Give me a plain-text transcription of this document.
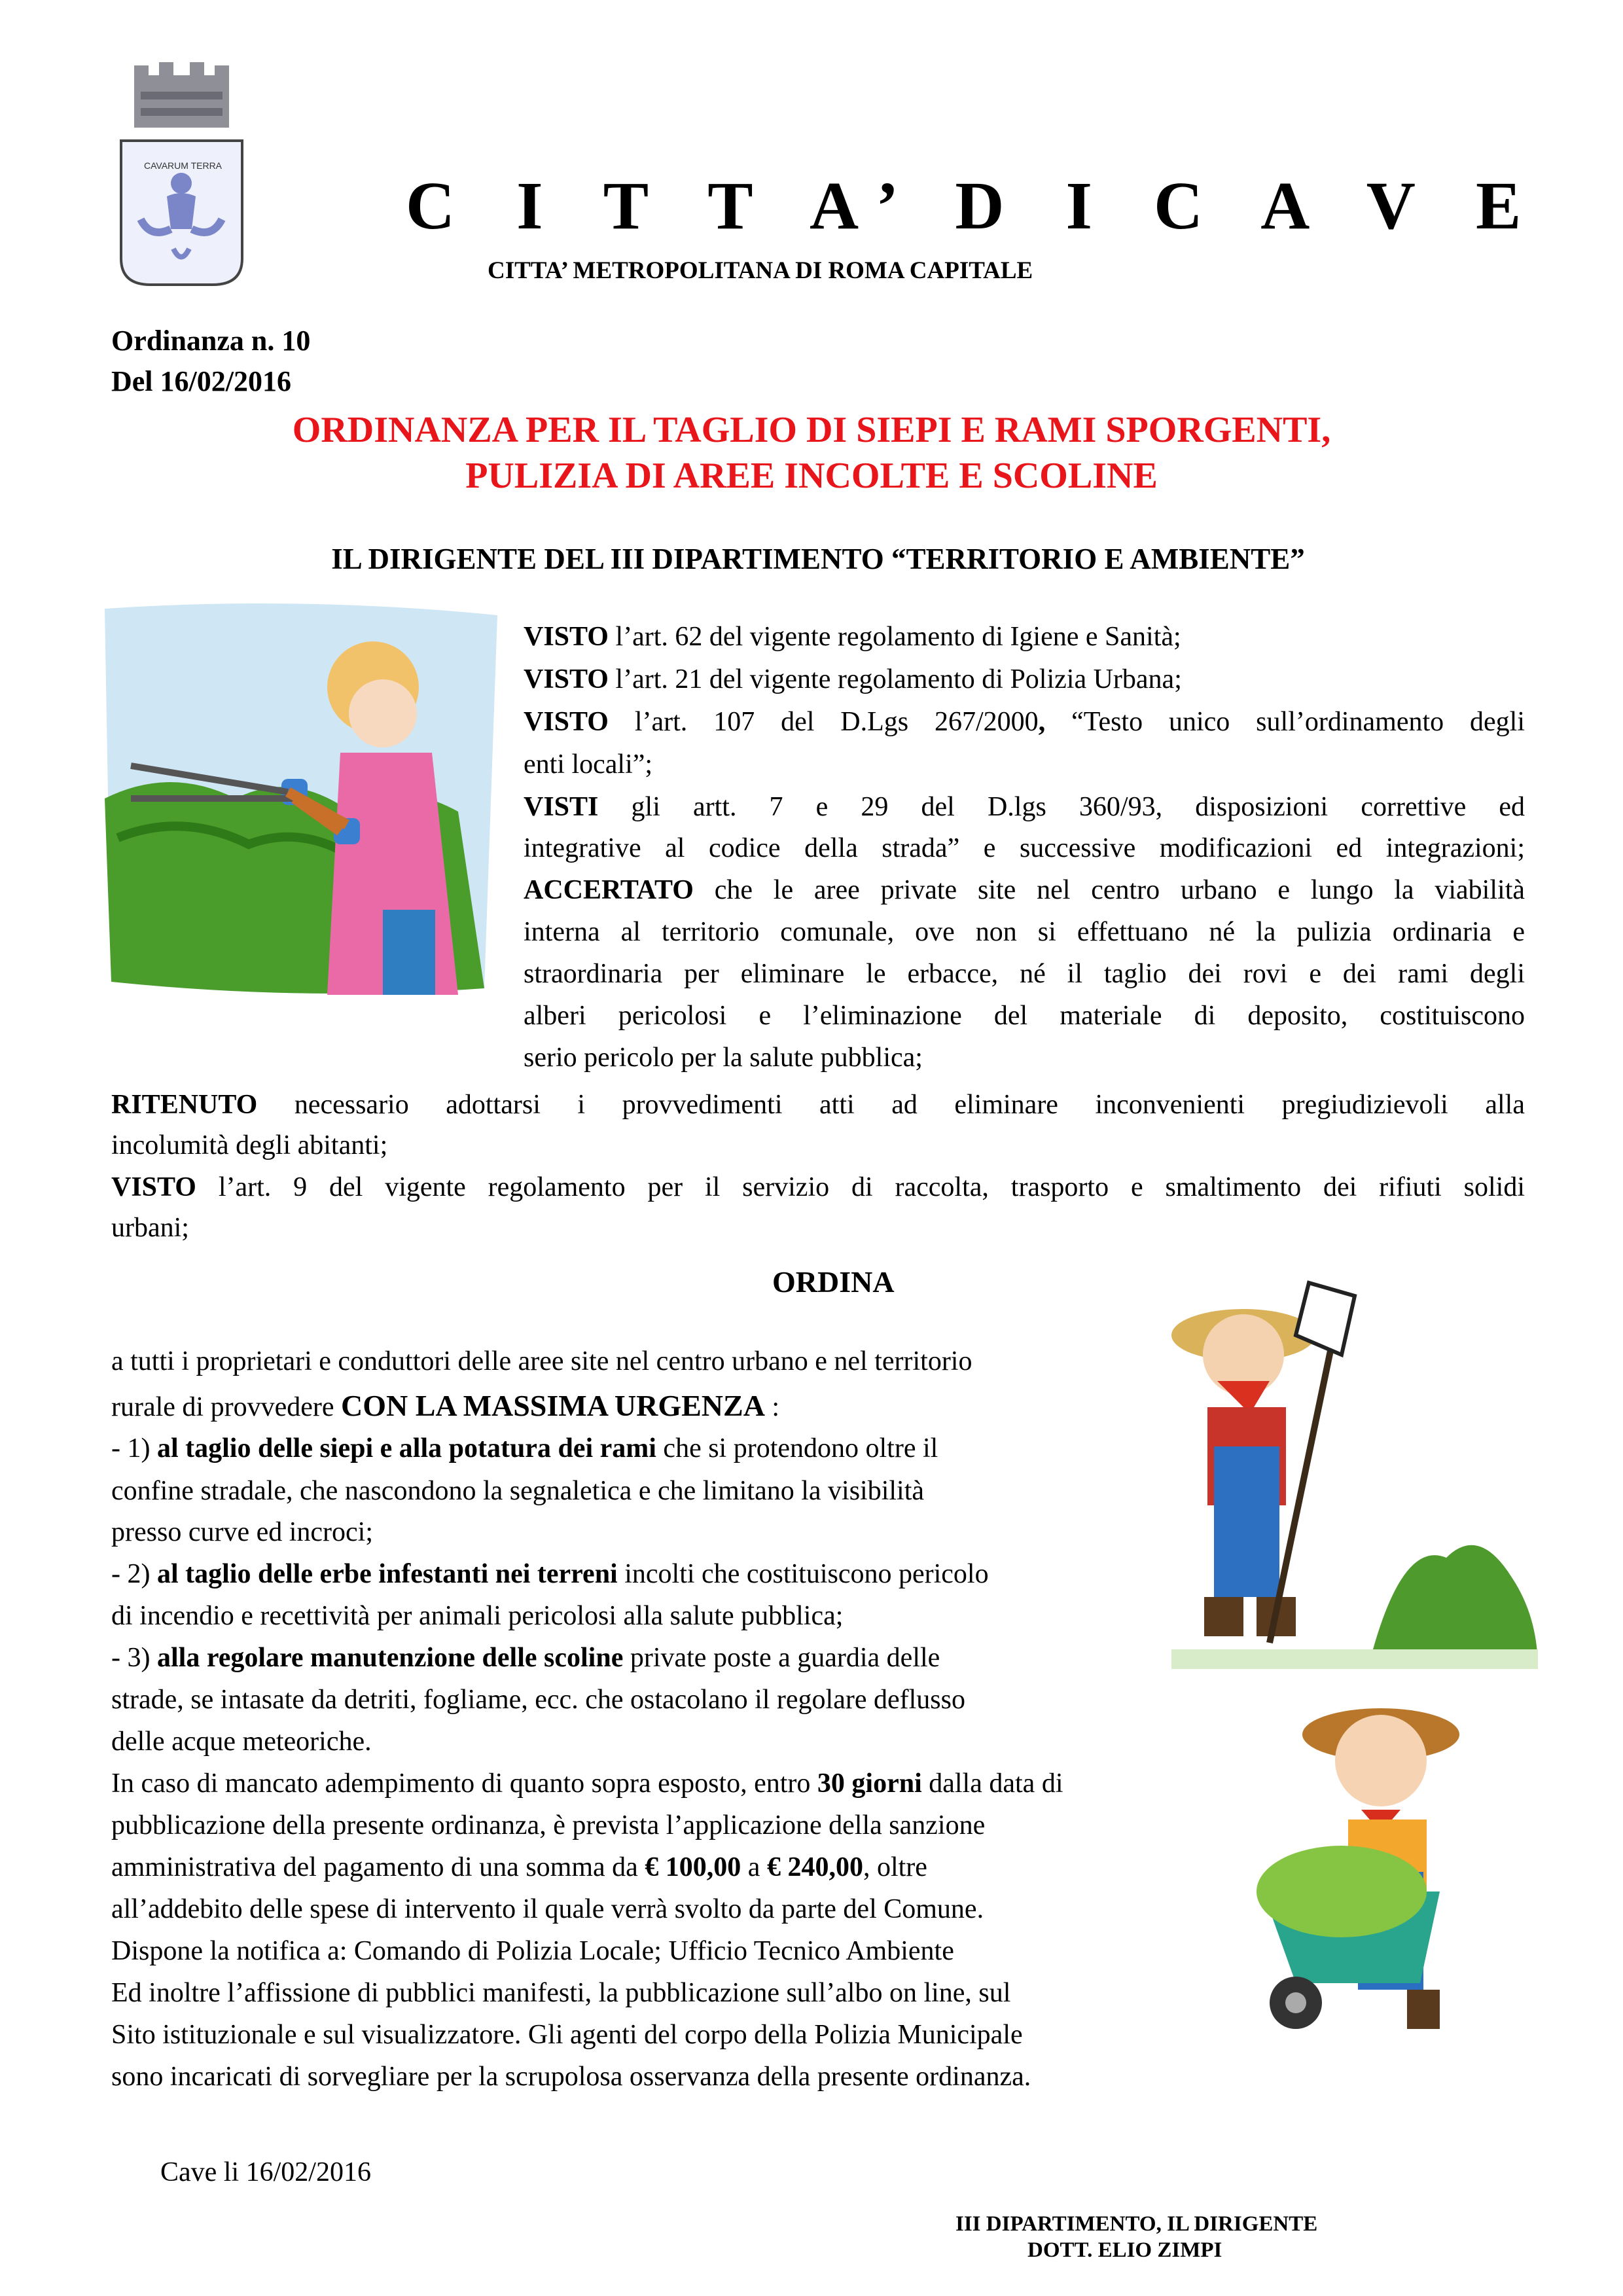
CAVARUM TERRA
C I T T A’ D I C A V E
CITTA’ METROPOLITANA DI ROMA CAPITALE
Ordinanza n. 10
Del 16/02/2016
ORDINANZA PER IL TAGLIO DI SIEPI E RAMI SPORGENTI,
PULIZIA DI AREE INCOLTE E SCOLINE
IL DIRIGENTE DEL III DIPARTIMENTO “TERRITORIO E AMBIENTE”
VISTO l’art. 62 del vigente regolamento di Igiene e Sanità;
VISTO l’art. 21 del vigente regolamento di Polizia Urbana;
VISTO l’art. 107 del D.Lgs 267/2000, “Testo unico sull’ordinamento degli
enti locali”;
VISTI gli artt. 7 e 29 del D.lgs 360/93, disposizioni correttive ed
integrative al codice della strada” e successive modificazioni ed integrazioni;
ACCERTATO che le aree private site nel centro urbano e lungo la viabilità
interna al territorio comunale, ove non si effettuano né la pulizia ordinaria e
straordinaria per eliminare le erbacce, né il taglio dei rovi e dei rami degli
alberi pericolosi e l’eliminazione del materiale di deposito, costituiscono
serio pericolo per la salute pubblica;
RITENUTO necessario adottarsi i provvedimenti atti ad eliminare inconvenienti pregiudizievoli alla
incolumità degli abitanti;
VISTO l’art. 9 del vigente regolamento per il servizio di raccolta, trasporto e smaltimento dei rifiuti solidi
urbani;
ORDINA
a tutti i proprietari e conduttori delle aree site nel centro urbano e nel territorio
rurale di provvedere CON LA MASSIMA URGENZA :
- 1) al taglio delle siepi e alla potatura dei rami che si protendono oltre il
confine stradale, che nascondono la segnaletica e che limitano la visibilità
presso curve ed incroci;
- 2) al taglio delle erbe infestanti nei terreni incolti che costituiscono pericolo
di incendio e recettività per animali pericolosi alla salute pubblica;
- 3) alla regolare manutenzione delle scoline private poste a guardia delle
strade, se intasate da detriti, fogliame, ecc. che ostacolano il regolare deflusso
delle acque meteoriche.
In caso di mancato adempimento di quanto sopra esposto, entro 30 giorni dalla data di
pubblicazione della presente ordinanza, è prevista l’applicazione della sanzione
amministrativa del pagamento di una somma da € 100,00 a € 240,00, oltre
all’addebito delle spese di intervento il quale verrà svolto da parte del Comune.
Dispone la notifica a: Comando di Polizia Locale; Ufficio Tecnico Ambiente
Ed inoltre l’affissione di pubblici manifesti, la pubblicazione sull’albo on line, sul
Sito istituzionale e sul visualizzatore. Gli agenti del corpo della Polizia Municipale
sono incaricati di sorvegliare per la scrupolosa osservanza della presente ordinanza.
Cave li 16/02/2016
III DIPARTIMENTO, IL DIRIGENTE
DOTT. ELIO ZIMPI
